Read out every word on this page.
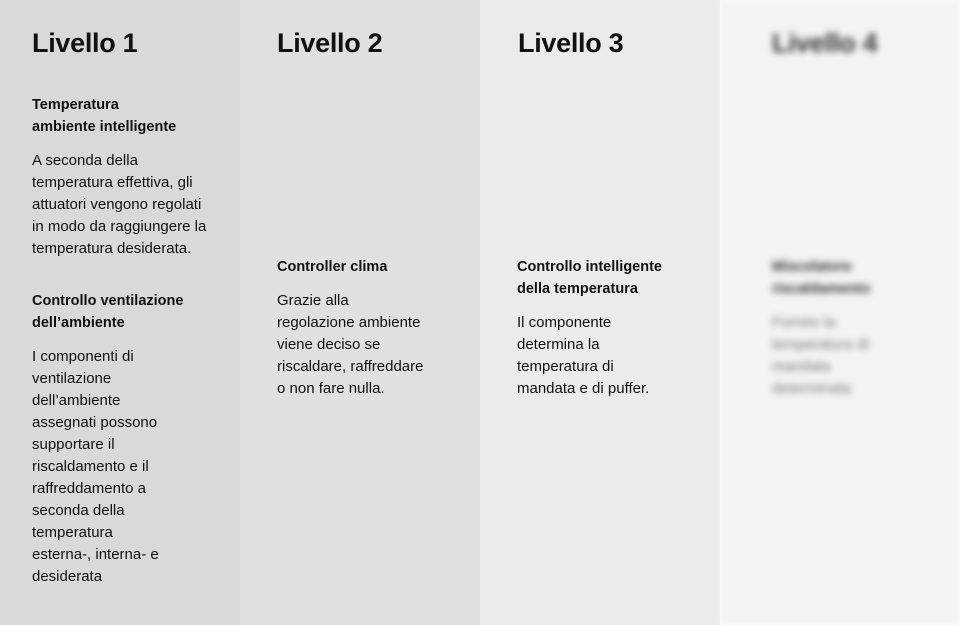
Livello 1

Temperatura
ambiente intelligente

A seconda della
temperatura effettiva, gli
attuatori vengono regolati
in modo da raggiungere la
temperatura desiderata.

Controllo ventilazione
dell’ambiente

I componenti di
ventilazione
dell’ambiente
assegnati possono
supportare il
riscaldamento e il
raffreddamento a
seconda della
temperatura
esterna-, interna- e
desiderata

Livello 2

Controller clima

Grazie alla
regolazione ambiente
viene deciso se
riscaldare, raffreddare
o non fare nulla.

Livello 3

Controllo intelligente
della temperatura

Il componente
determina la
temperatura di
mandata e di puffer.

Livello 4

Miscelatore
riscaldamento

Fornire la
temperatura di
mandata
determinata
